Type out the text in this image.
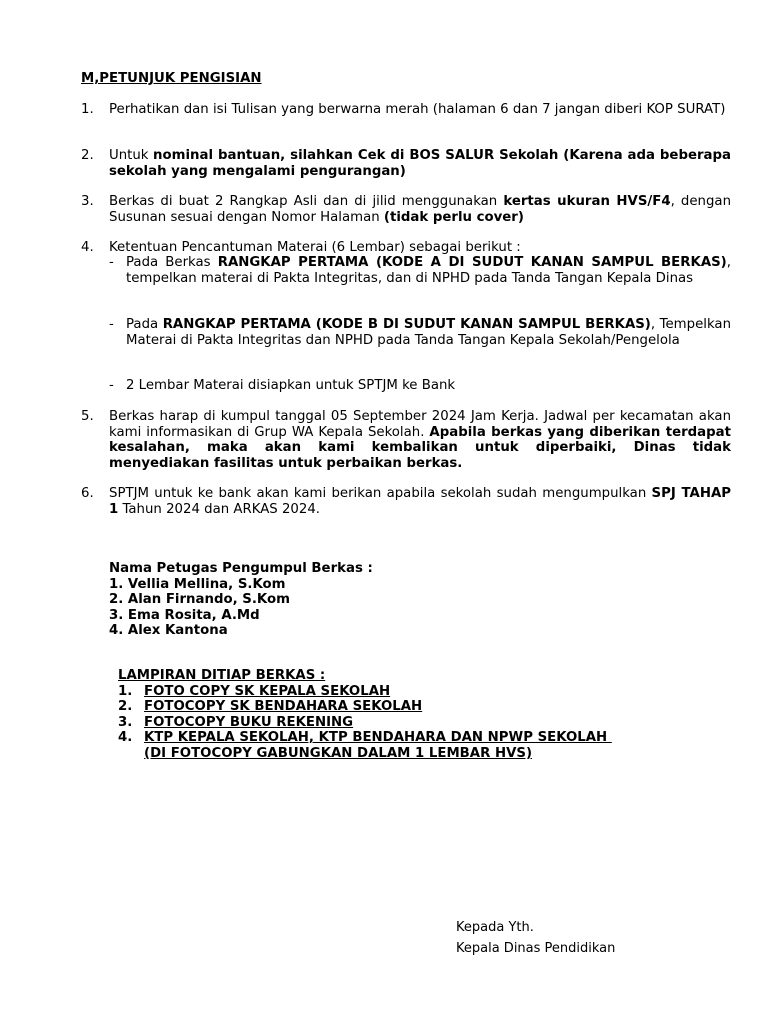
M,PETUNJUK PENGISIAN
1. Perhatikan dan isi Tulisan yang berwarna merah (halaman 6 dan 7 jangan diberi KOP SURAT)
2. Untuk nominal bantuan, silahkan Cek di BOS SALUR Sekolah (Karena ada beberapa sekolah yang mengalami pengurangan)
3. Berkas di buat 2 Rangkap Asli dan di jilid menggunakan kertas ukuran HVS/F4, dengan Susunan sesuai dengan Nomor Halaman (tidak perlu cover)
4. Ketentuan Pencantuman Materai (6 Lembar) sebagai berikut :
- Pada Berkas RANGKAP PERTAMA (KODE A DI SUDUT KANAN SAMPUL BERKAS), tempelkan materai di Pakta Integritas, dan di NPHD pada Tanda Tangan Kepala Dinas
- Pada RANGKAP PERTAMA (KODE B DI SUDUT KANAN SAMPUL BERKAS), Tempelkan Materai di Pakta Integritas dan NPHD pada Tanda Tangan Kepala Sekolah/Pengelola
- 2 Lembar Materai disiapkan untuk SPTJM ke Bank
5. Berkas harap di kumpul tanggal 05 September 2024 Jam Kerja. Jadwal per kecamatan akan kami informasikan di Grup WA Kepala Sekolah. Apabila berkas yang diberikan terdapat kesalahan, maka akan kami kembalikan untuk diperbaiki, Dinas tidak menyediakan fasilitas untuk perbaikan berkas.
6. SPTJM untuk ke bank akan kami berikan apabila sekolah sudah mengumpulkan SPJ TAHAP 1 Tahun 2024 dan ARKAS 2024.
Nama Petugas Pengumpul Berkas :
1. Vellia Mellina, S.Kom
2. Alan Firnando, S.Kom
3. Ema Rosita, A.Md
4. Alex Kantona
LAMPIRAN DITIAP BERKAS :
1. FOTO COPY SK KEPALA SEKOLAH
2. FOTOCOPY SK BENDAHARA SEKOLAH
3. FOTOCOPY BUKU REKENING
4. KTP KEPALA SEKOLAH, KTP BENDAHARA DAN NPWP SEKOLAH
(DI FOTOCOPY GABUNGKAN DALAM 1 LEMBAR HVS)
Kepada Yth.
Kepala Dinas Pendidikan
